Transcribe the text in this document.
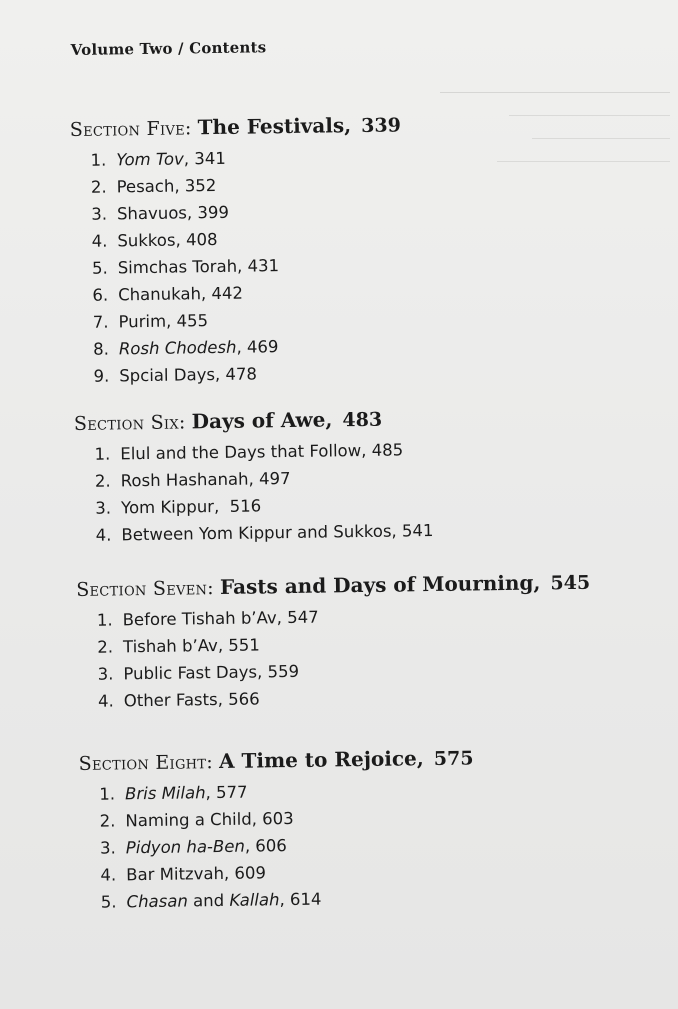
Volume Two / Contents
Section Five: The Festivals, 339
1. Yom Tov, 341
2. Pesach, 352
3. Shavuos, 399
4. Sukkos, 408
5. Simchas Torah, 431
6. Chanukah, 442
7. Purim, 455
8. Rosh Chodesh, 469
9. Spcial Days, 478
Section Six: Days of Awe, 483
1. Elul and the Days that Follow, 485
2. Rosh Hashanah, 497
3. Yom Kippur,  516
4. Between Yom Kippur and Sukkos, 541
Section Seven: Fasts and Days of Mourning, 545
1. Before Tishah b’Av, 547
2. Tishah b’Av, 551
3. Public Fast Days, 559
4. Other Fasts, 566
Section Eight: A Time to Rejoice, 575
1. Bris Milah, 577
2. Naming a Child, 603
3. Pidyon ha-Ben, 606
4. Bar Mitzvah, 609
5. Chasan and Kallah, 614
